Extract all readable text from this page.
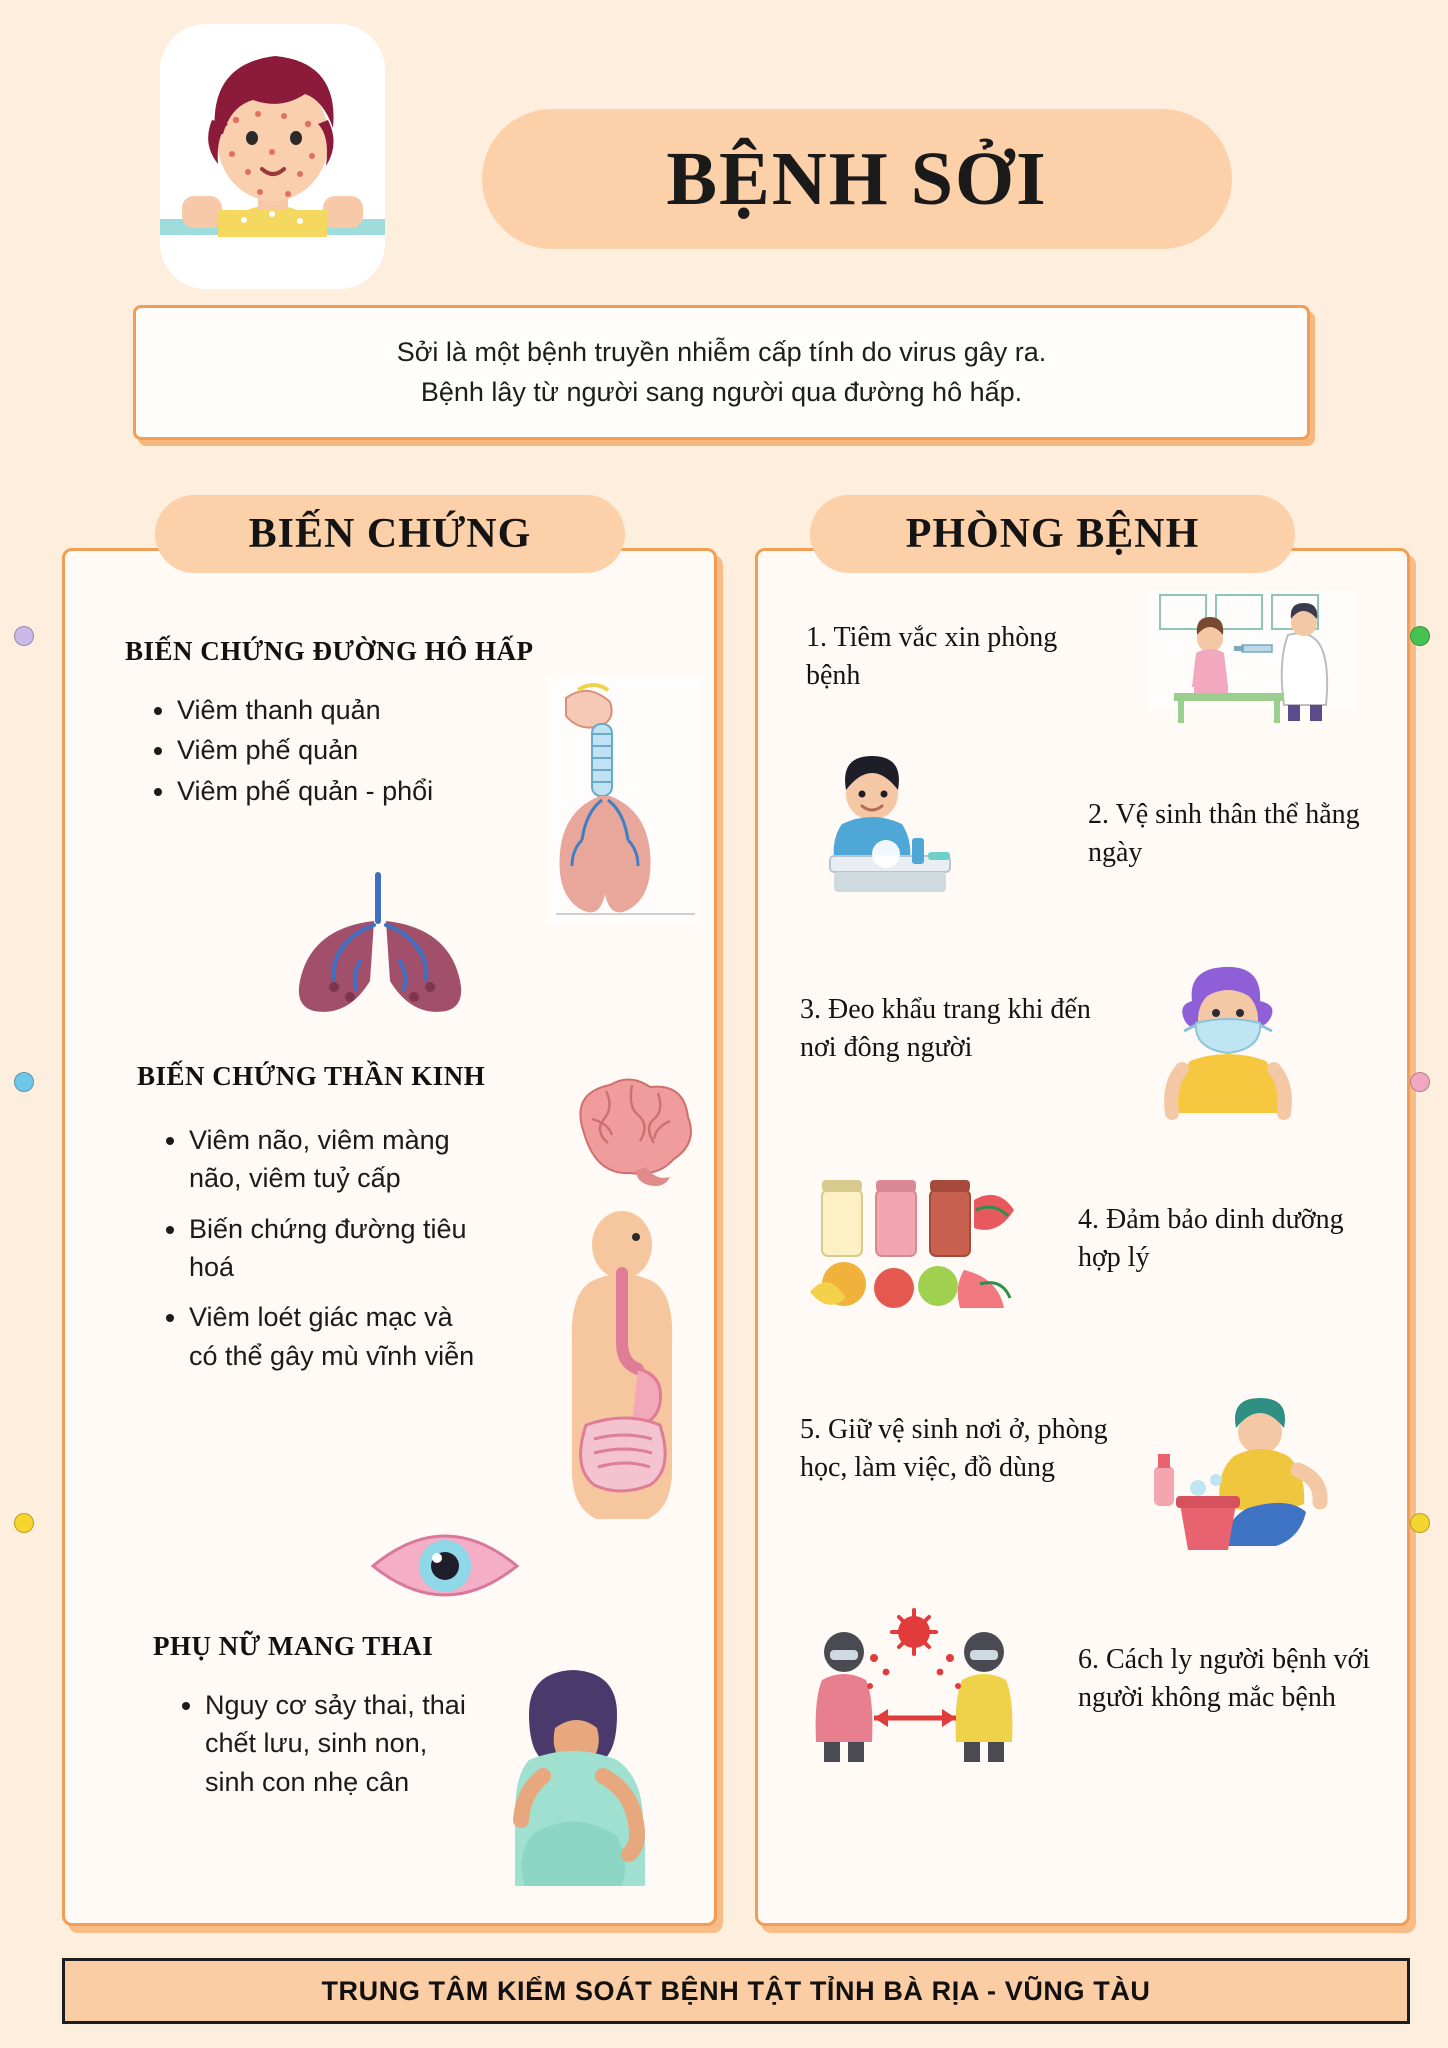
BỆNH SỞI

Sởi là một bệnh truyền nhiễm cấp tính do virus gây ra.

Bệnh lây từ người sang người qua đường hô hấp.

BIẾN CHỨNG	PHÒNG BỆNH
BIẾN CHỨNG ĐƯỜNG HÔ HẤP
• Viêm thanh quản
• Viêm phế quản
• Viêm phế quản - phổi
BIẾN CHỨNG THẦN KINH
• Viêm não, viêm màng não, viêm tuỷ cấp
• Biến chứng đường tiêu hoá
• Viêm loét giác mạc và có thể gây mù vĩnh viễn
PHỤ NỮ MANG THAI
• Nguy cơ sảy thai, thai chết lưu, sinh non, sinh con nhẹ cân
1. Tiêm vắc xin phòng bệnh
2. Vệ sinh thân thể hằng ngày
3. Đeo khẩu trang khi đến nơi đông người
4. Đảm bảo dinh dưỡng hợp lý
5. Giữ vệ sinh nơi ở, phòng học, làm việc, đồ dùng
6. Cách ly người bệnh với người không mắc bệnh
TRUNG TÂM KIỂM SOÁT BỆNH TẬT TỈNH BÀ RỊA - VŨNG TÀU
